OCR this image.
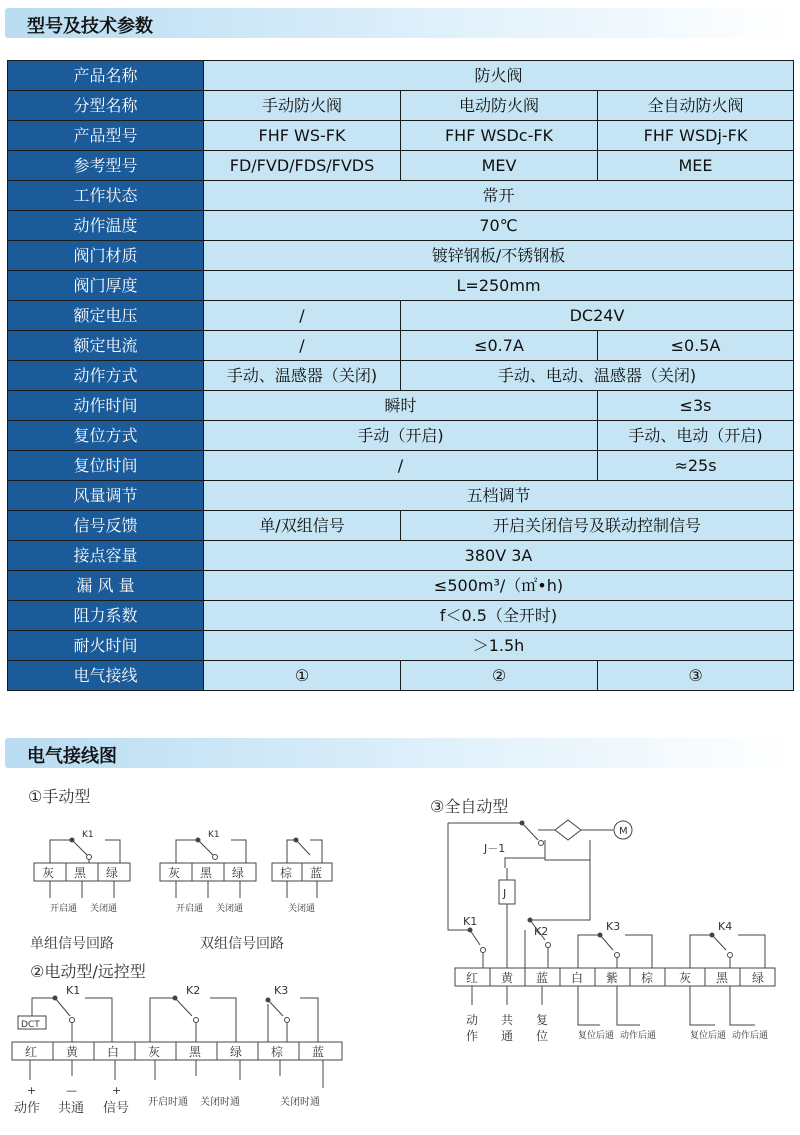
型号及技术参数
产品名称	防火阀		
分型名称	手动防火阀	电动防火阀	全自动防火阀
产品型号	FHF WS-FK	FHF WSDc-FK	FHF WSDj-FK
参考型号	FD/FVD/FDS/FVDS	MEV	MEE
工作状态	常开		
动作温度	70℃		
阀门材质	镀锌钢板/不锈钢板		
阀门厚度	L=250mm		
额定电压	/	DC24V	
额定电流	/	≤0.7A	≤0.5A
动作方式	手动、温感器（关闭)	手动、电动、温感器（关闭)	
动作时间	瞬时		≤3s
复位方式	手动（开启)		手动、电动（开启)
复位时间	/		≈25s
风量调节	五档调节		
信号反馈	单/双组信号	开启关闭信号及联动控制信号	
接点容量	380V 3A		
漏 风 量	≤500m³/（㎡•h)		
阻力系数	f＜0.5（全开时)		
耐火时间	＞1.5h		
电气接线	①	②	③
电气接线图
①手动型
K1	K1
灰 黑 绿	灰 黑 绿	棕 蓝
开启通 关闭通	开启通 关闭通	关闭通
单组信号回路	双组信号回路
②电动型/远控型
DCT
K1	K2	K3
红 黄 白 灰 黑 绿 棕 蓝
+	—	+
动作 共通 信号 开启时通 关闭时通	关闭时通
③全自动型
J－1
J
M
K1
K2	K3	K4
红 黄 蓝 白 紫 棕 灰 黑 绿
动
作
共
通
复
位	复位后通 动作后通	复位后通 动作后通
